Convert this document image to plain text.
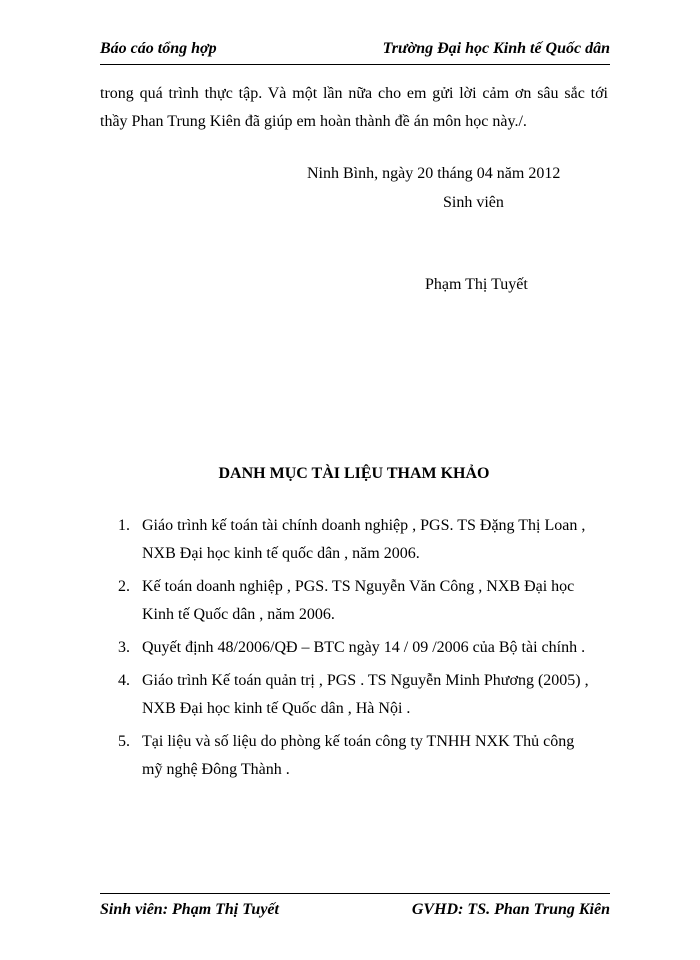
Báo cáo tổng hợp	Trường Đại học Kinh tế Quốc dân
trong quá trình thực tập. Và một lần nữa cho em gửi lời cảm ơn sâu sắc tới
thầy Phan Trung Kiên đã giúp em hoàn thành đề án môn học này./.
Ninh Bình, ngày 20 tháng 04 năm 2012
Sinh viên
Phạm Thị Tuyết
DANH MỤC TÀI LIỆU THAM KHẢO
1. Giáo trình kế toán tài chính doanh nghiệp , PGS. TS Đặng Thị Loan ,
NXB Đại học kinh tế quốc dân , năm 2006.
2. Kế toán doanh nghiệp , PGS. TS Nguyễn Văn Công , NXB Đại học
Kinh tế Quốc dân , năm 2006.
3. Quyết định 48/2006/QĐ – BTC ngày 14 / 09 /2006 của Bộ tài chính .
4. Giáo trình Kế toán quản trị , PGS . TS Nguyễn Minh Phương (2005) ,
NXB Đại học kinh tế Quốc dân , Hà Nội .
5. Tại liệu và số liệu do phòng kế toán công ty TNHH NXK Thủ công
mỹ nghệ Đông Thành .
Sinh viên: Phạm Thị Tuyết	GVHD: TS. Phan Trung Kiên
